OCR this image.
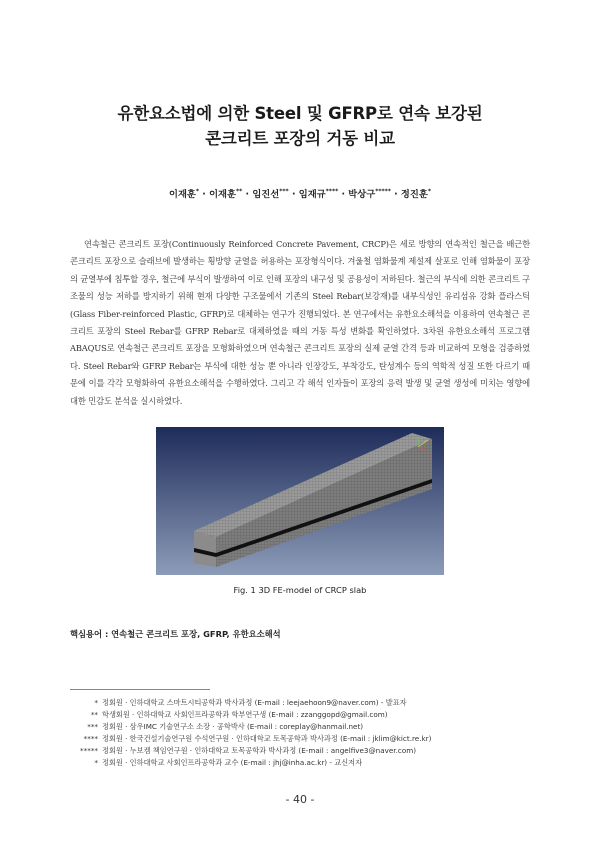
유한요소법에 의한 Steel 및 GFRP로 연속 보강된
콘크리트 포장의 거동 비교
이재훈* · 이재훈** · 임진선*** · 임재규**** · 박상구***** · 정진훈*

연속철근 콘크리트 포장(Continuously Reinforced Concrete Pavement, CRCP)은 세로 방향의 연속적인 철근을 배근한 콘크리트 포장으로 슬래브에 발생하는 횡방향 균열을 허용하는 포장형식이다. 겨울철 염화물계 제설제 살포로 인해 염화물이 포장의 균열부에 침투할 경우, 철근에 부식이 발생하여 이로 인해 포장의 내구성 및 공용성이 저하된다. 철근의 부식에 의한 콘크리트 구조물의 성능 저하를 방지하기 위해 현재 다양한 구조물에서 기존의 Steel Rebar(보강재)를 내부식성인 유리섬유 강화 플라스틱(Glass Fiber-reinforced Plastic, GFRP)로 대체하는 연구가 진행되었다. 본 연구에서는 유한요소해석을 이용하여 연속철근 콘크리트 포장의 Steel Rebar를 GFRP Rebar로 대체하였을 때의 거동 특성 변화를 확인하였다. 3차원 유한요소해석 프로그램 ABAQUS로 연속철근 콘크리트 포장을 모형화하였으며 연속철근 콘크리트 포장의 실제 균열 간격 등과 비교하여 모형을 검증하였다. Steel Rebar와 GFRP Rebar는 부식에 대한 성능 뿐 아니라 인장강도, 부착강도, 탄성계수 등의 역학적 성질 또한 다르기 때문에 이를 각각 모형화하여 유한요소해석을 수행하였다. 그리고 각 해석 인자들이 포장의 응력 발생 및 균열 생성에 미치는 영향에 대한 민감도 분석을 실시하였다.

Fig. 1 3D FE-model of CRCP slab
핵심용어 : 연속철근 콘크리트 포장, GFRP, 유한요소해석
* 정회원 · 인하대학교 스마트시티공학과 박사과정 (E-mail : leejaehoon9@naver.com) - 발표자
** 학생회원 · 인하대학교 사회인프라공학과 학부연구생 (E-mail : zzanggopd@gmail.com)
*** 정회원 · 삼우IMC 기술연구소 소장 · 공학박사 (E-mail : coreplay@hanmail.net)
**** 정회원 · 한국건설기술연구원 수석연구원 · 인하대학교 토목공학과 박사과정 (E-mail : jklim@kict.re.kr)
***** 정회원 · 누보켐 책임연구원 · 인하대학교 토목공학과 박사과정 (E-mail : angelfive3@naver.com)
* 정회원 · 인하대학교 사회인프라공학과 교수 (E-mail : jhj@inha.ac.kr) - 교신저자
- 40 -
